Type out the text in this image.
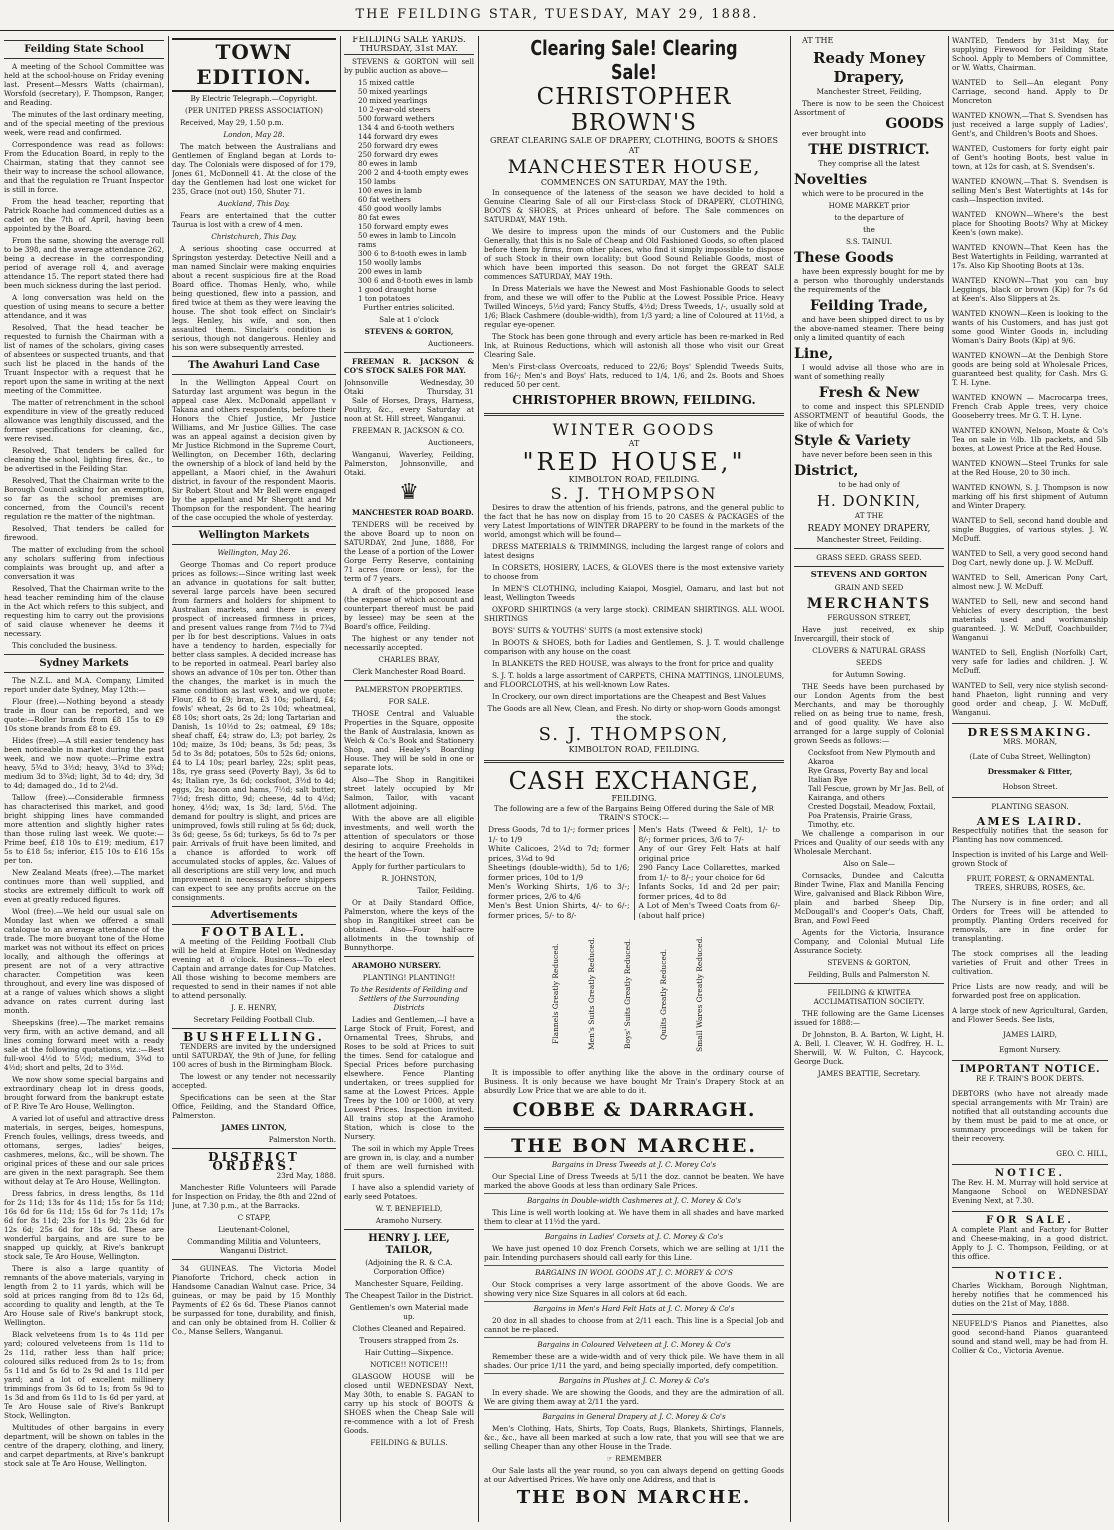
THE FEILDING STAR, TUESDAY, MAY 29, 1888.
Feilding State School

A meeting of the School Committee was held at the school-house on Friday evening last. Present—Messrs Watts (chairman), Worsfold (secretary), F. Thompson, Ranger, and Reading.

The minutes of the last ordinary meeting, and of the special meeting of the previous week, were read and confirmed.

Correspondence was read as follows: From the Education Board, in reply to the Chairman, stating that they cannot see their way to increase the school allowance, and that the regulation re Truant Inspector is still in force.

From the head teacher, reporting that Patrick Roache had commenced duties as a cadet on the 7th of April, having been appointed by the Board.

From the same, showing the average roll to be 398, and the average attendance 262, being a decrease in the corresponding period of average roll 4, and average attendance 15. The report stated there had been much sickness during the last period.

A long conversation was held on the question of using means to secure a better attendance, and it was

Resolved, That the head teacher be requested to furnish the Chairman with a list of names of the scholars, giving cases of absentees or suspected truants, and that such list be placed in the hands of the Truant Inspector with a request that he report upon the same in writing at the next meeting of the Committee.

The matter of retrenchment in the school expenditure in view of the greatly reduced allowance was lengthily discussed, and the former specifications for cleaning, &c., were revised.

Resolved, That tenders be called for cleaning the school, lighting fires, &c., to be advertised in the Feilding Star.

Resolved, That the Chairman write to the Borough Council asking for an exemption, so far as the school premises are concerned, from the Council's recent regulation re the matter of the nightman.

Resolved, That tenders be called for firewood.

The matter of excluding from the school any scholars suffering from infectious complaints was brought up, and after a conversation it was

Resolved, That the Chairman write to the head teacher reminding him of the clause in the Act which refers to this subject, and requesting him to carry out the provisions of said clause whenever he deems it necessary.

This concluded the business.

Sydney Markets

The N.Z.L. and M.A. Company, Limited report under date Sydney, May 12th:—

Flour (free).—Nothing beyond a steady trade in flour can be reported, and we quote:—Roller brands from £8 15s to £9 10s stone brands from £8 to £9.

Hides (free).—A still easier tendency has been noticeable in market during the past week, and we now quote:—Prime extra heavy, 5¾d to 3½d; heavy, 3¼d to 3¾d; medium 3d to 3¾d; light, 3d to 4d; dry, 3d to 4d; damaged do., 1d to 2¼d.

Tallow (free).—Considerable firmness has characterised this market, and good bright shipping lines have commanded more attention and slightly higher rates than those ruling last week. We quote:—Prime beef, £18 10s to £19; medium, £17 5s to £18 5s; inferior, £15 10s to £16 15s per ton.

New Zealand Meats (free).—The market continues more than well supplied, and stocks are extremely difficult to work off even at greatly reduced figures.

Wool (free).—We held our usual sale on Monday last when we offered a small catalogue to an average attendance of the trade. The more buoyant tone of the Home market was not without its effect on prices locally, and although the offerings at present are not of a very attractive character. Competition was keen throughout, and every line was disposed of at a range of values which shows a slight advance on rates current during last month.

Sheepskins (free).—The market remains very firm, with an active demand, and all lines coming forward meet with a ready sale at the following quotations, viz.:—Best full-wool 4½d to 5½d; medium, 3¾d to 4½d; short and pelts, 2d to 3½d.

We now show some special bargains and extraordinary cheap lot in dress goods, brought forward from the bankrupt estate of P. Rive Te Aro House, Wellington.

A varied lot of useful and attractive dress materials, in serges, beiges, homespuns, French foules, vellings, dress tweeds, and ottomans, serges, ladies' beiges, cashmeres, melons, &c., will be shown. The original prices of these and our sale prices are given in the next paragraph. See them without delay at Te Aro House, Wellington.

Dress fabrics, in dress lengths, 8s 11d for 2s 11d; 13s for 4s 11d; 15s for 5s 11d; 16s 6d for 6s 11d; 15s 6d for 7s 11d; 17s 6d for 8s 11d; 23s for 11s 9d; 23s 6d for 12s 6d; 25s 6d for 18s 6d. These are wonderful bargains, and are sure to be snapped up quickly, at Rive's bankrupt stock sale, Te Aro House, Wellington.

There is also a large quantity of remnants of the above materials, varying in length from 2 to 11 yards, which will be sold at prices ranging from 8d to 12s 6d, according to quality and length, at the Te Aro House sale of Rive's bankrupt stock, Wellington.

Black velveteens from 1s to 4s 11d per yard; coloured velveteens from 1s 11d to 2s 11d, rather less than half price; coloured silks reduced from 2s to 1s; from 5s 11d and 5s 6d to 2s 9d and 1s 11d per yard; and a lot of excellent millinery trimmings from 3s 6d to 1s; from 5s 9d to 1s 3d and from 6s 11d to 1s 6d per yard, at Te Aro House sale of Rive's Bankrupt Stock, Wellington.

Multitudes of other bargains in every department, will be shown on tables in the centre of the drapery, clothing, and linery, and carpet departments, at Rive's bankrupt stock sale at Te Aro House, Wellington.

TOWN EDITION.

By Electric Telegraph.—Copyright.

(PER UNITED PRESS ASSOCIATION)

Received, May 29, 1.50 p.m.

London, May 28.

The match between the Australians and Gentlemen of England began at Lords to-day. The Colonials were disposed of for 179, Jones 61, McDonnell 41. At the close of the day the Gentlemen had lost one wicket for 235, Grace (not out) 150, Shuter 71.

Auckland, This Day.

Fears are entertained that the cutter Taurua is lost with a crew of 4 men.

Christchurch, This Day.

A serious shooting case occurred at Springston yesterday. Detective Neill and a man named Sinclair were making enquiries about a recent suspicious fire at the Road Board office. Thomas Henly, who, while being questioned, flew into a passion, and fired twice at them as they were leaving the house. The shot took effect on Sinclair's legs. Henley, his wife, and son, then assaulted them. Sinclair's condition is serious, though not dangerous. Henley and his son were subsequently arrested.

The Awahuri Land Case

In the Wellington Appeal Court on Saturday last argument was begun in the appeal case Alex. McDonald appellant v Takana and others respondents, before their Honors the Chief Justice, Mr Justice Williams, and Mr Justice Gillies. The case was an appeal against a decision given by Mr Justice Richmond in the Supreme Court, Wellington, on December 16th, declaring the ownership of a block of land held by the appellant, a Maori chief, in the Awahuri district, in favour of the respondent Maoris. Sir Robert Stout and Mr Bell were engaged by the appellant and Mr Shergott and Mr Thompson for the respondent. The hearing of the case occupied the whole of yesterday.

Wellington Markets

Wellington, May 26.

George Thomas and Co report produce prices as follows:—Since writing last week an advance in quotations for salt butter, several large parcels have been secured from farmers and holders for shipment to Australian markets, and there is every prospect of increased firmness in prices, and present values range from 7½d to 7¾d per lb for best descriptions. Values in oats have a tendency to harden, especially for better class samples. A decided increase has to be reported in oatmeal. Pearl barley also shows an advance of 10s per ton. Other than the changes, the market is in much the same condition as last week, and we quote: Flour, £8 to £9; bran, £3 10s; pollard, £4; fowls' wheat, 2s 6d to 2s 10d; wheatmeal, £8 10s; short oats, 2s 2d; long Tartarian and Danish, 1s 10½d to 2s; oatmeal, £9 18s; sheaf chaff, £4; straw do, L3; pot barley, 2s 10d; maize, 3s 10d; beans, 3s 5d; peas, 3s 5d to 3s 8d; potatoes, 50s to 52s 6d; onions, £4 to L4 10s; pearl barley, 22s; split peas, 18s, rye grass seed (Poverty Bay), 3s 6d to 4s; Italian rye, 3s 6d; cocksfoot, 3½d to 4d; eggs, 2s; bacon and hams, 7½d; salt butter, 7½d; fresh ditto, 9d; cheese, 4d to 4½d; honey, 4½d; wax, 1s 3d; lard, 5½d. The demand for poultry is slight, and prices are unimproved, fowls still ruling at 5s 6d; duck, 3s 6d; geese, 5s 6d; turkeys, 5s 6d to 7s per pair. Arrivals of fruit have been limited, and a chance is afforded to work off accumulated stocks of apples, &c. Values of all descriptions are still very low, and much improvement in necessary before shippers can expect to see any profits accrue on the consignments.

Advertisements
FOOTBALL.

A meeting of the Feilding Football Club will be held at Empire Hotel on Wednesday evening at 8 o'clock. Business—To elect Captain and arrange dates for Cup Matches. All those wishing to become members are requested to send in their names if not able to attend personally.

J. E. HENRY,

Secretary Feilding Football Club.

BUSHFELLING.

TENDERS are invited by the undersigned until SATURDAY, the 9th of June, for felling 100 acres of bush in the Birmingham Block.

The lowest or any tender not necessarily accepted.

Specifications can be seen at the Star Office, Feilding, and the Standard Office, Palmerston.

JAMES LINTON,

Palmerston North.

DISTRICT ORDERS.

23rd May, 1888.

Manchester Rifle Volunteers will Parade for Inspection on Friday, the 8th and 22nd of June, at 7.30 p.m., at the Barracks.

C STAPP,

Lieutenant-Colonel,

Commanding Militia and Volunteers, Wanganui District.

34 GUINEAS. The Victoria Model Pianoforte Trichord, check action in Handsome Canadian Walnut case. Price, 34 guineas, or may be paid by 15 Monthly Payments of £2 6s 6d. These Pianos cannot be surpassed for tone, durability, and finish, and can only be obtained from H. Collier & Co., Manse Sellers, Wanganui.

FEILDING SALE YARDS.
THURSDAY, 31st MAY.

STEVENS & GORTON will sell by public auction as above—

15 mixed cattle
50 mixed yearlings
20 mixed yearlings
10 2-year-old steers
500 forward wethers
134 4 and 6-tooth wethers
144 forward dry ewes
250 forward dry ewes
250 forward dry ewes
80 ewes in lamb
200 2 and 4-tooth empty ewes
150 lambs
100 ewes in lamb
60 fat wethers
450 good woolly lambs
80 fat ewes
150 forward empty ewes
50 ewes in lamb to Lincoln rams
300 6 to 8-tooth ewes in lamb
150 woolly lambs
200 ewes in lamb
300 6 and 8-tooth ewes in lamb
1 good draught horse
1 ton potatoes

Further entries solicited.

Sale at 1 o'clock

STEVENS & GORTON,

Auctioneers.

FREEMAN R. JACKSON & CO'S STOCK SALES FOR MAY.

Johnsonville	Wednesday, 30
Otaki	Thursday, 31

Sale of Horses, Drays, Harness, Poultry, &c., every Saturday at noon at St. Hill street, Wanganui.

FREEMAN R. JACKSON & CO.

Auctioneers,

Wanganui, Waverley, Feilding, Palmerston, Johnsonville, and Otaki.

♛

MANCHESTER ROAD BOARD.

TENDERS will be received by the above Board up to noon on SATURDAY, 2nd June, 1888, For the Lease of a portion of the Lower Gorge Ferry Reserve, containing 71 acres (more or less), for the term of 7 years.

A draft of the proposed lease (the expense of which account and counterpart thereof must be paid by lessee) may be seen at the Board's office, Feilding.

The highest or any tender not necessarily accepted.

CHARLES BRAY,

Clerk Manchester Road Board.

PALMERSTON PROPERTIES.

FOR SALE.

THOSE Central and Valuable Properties in the Square, opposite the Bank of Australasia, known as Welch & Co.'s Book and Stationery Shop, and Healey's Boarding House. They will be sold in one or separate lots.

Also—The Shop in Rangitikei street lately occupied by Mr Salmon, Tailor, with vacant allotment adjoining.

With the above are all eligible investments, and well worth the attention of speculators or those desiring to acquire Freeholds in the heart of the Town.

Apply for further particulars to

R. JOHNSTON,

Tailor, Feilding.

Or at Daily Standard Office, Palmerston, where the keys of the shop in Rangitikei street can be obtained. Also—Four half-acre allotments in the township of Bunnythorpe.

ARAMOHO NURSERY.

PLANTING! PLANTING!!

To the Residents of Feilding and Settlers of the Surrounding Districts

Ladies and Gentlemen,—I have a Large Stock of Fruit, Forest, and Ornamental Trees, Shrubs, and Roses to be sold at Prices to suit the times. Send for catalogue and Special Prices before purchasing elsewhere. Fence Planting undertaken, or trees supplied for same at the Lowest Prices. Apple Trees by the 100 or 1000, at very Lowest Prices. Inspection invited. All trains stop at the Aramoho Station, which is close to the Nursery.

The soil in which my Apple Trees are grown in, is clay, and a number of them are well furnished with fruit spurs.

I have also a splendid variety of early seed Potatoes.

W. T. BENEFIELD,

Aramoho Nursery.

HENRY J. LEE,

TAILOR,

(Adjoining the R. & C.A. Corporation Office)

Manchester Square, Feilding.

The Cheapest Tailor in the District.

Gentlemen's own Material made up.

Clothes Cleaned and Repaired.

Trousers strapped from 2s.

Hair Cutting—Sixpence.

NOTICE!! NOTICE!!!

GLASGOW HOUSE will be closed until WEDNESDAY Next, May 30th, to enable S. FAGAN to carry up his stock of BOOTS & SHOES when the Cheap Sale will re-commence with a lot of Fresh Goods.

FEILDING & BULLS.

Clearing Sale! Clearing Sale!
CHRISTOPHER BROWN'S
GREAT CLEARING SALE OF DRAPERY, CLOTHING, BOOTS & SHOES
AT
MANCHESTER HOUSE,
COMMENCES ON SATURDAY, MAY the 19th.

In consequence of the lateness of the season we have decided to hold a Genuine Clearing Sale of all our First-class Stock of DRAPERY, CLOTHING, BOOTS & SHOES, at Prices unheard of before. The Sale commences on SATURDAY, MAY 19th.

We desire to impress upon the minds of our Customers and the Public Generally, that this is no Sale of Cheap and Old Fashioned Goods, so often placed before them by firms, from other places, who find it simply impossible to dispose of such Stock in their own locality; but Good Sound Reliable Goods, most of which have been imported this season. Do not forget the GREAT SALE commences SATURDAY, MAY 19th.

In Dress Materials we have the Newest and Most Fashionable Goods to select from, and these we will offer to the Public at the Lowest Possible Price. Heavy Twilled Winceys, 5½d yard; Fancy Stuffs, 4½d; Dress Tweeds, 1/-, usually sold at 1/6; Black Cashmere (double-width), from 1/3 yard; a line of Coloured at 11½d, a regular eye-opener.

The Stock has been gone through and every article has been re-marked in Red Ink, at Ruinous Reductions, which will astonish all those who visit our Great Clearing Sale.

Men's First-class Overcoats, reduced to 22/6; Boys' Splendid Tweeds Suits, from 16/-; Men's and Boys' Hats, reduced to 1/4, 1/6, and 2s. Boots and Shoes reduced 50 per cent.

CHRISTOPHER BROWN, FEILDING.
WINTER GOODS
AT
"RED HOUSE,"
KIMBOLTON ROAD, FEILDING.
S. J. THOMPSON

Desires to draw the attention of his friends, patrons, and the general public to the fact that he has now on display from 15 to 20 CASES & PACKAGES of the very Latest Importations of WINTER DRAPERY to be found in the markets of the world, amongst which will be found—

DRESS MATERIALS & TRIMMINGS, including the largest range of colors and latest designs

In CORSETS, HOSIERY, LACES, & GLOVES there is the most extensive variety to choose from

In MEN'S CLOTHING, including Kaiapoi, Mosgiel, Oamaru, and last but not least, Wellington Tweeds

OXFORD SHIRTINGS (a very large stock). CRIMEAN SHIRTINGS. ALL WOOL SHIRTINGS

BOYS' SUITS & YOUTHS' SUITS (a most extensive stock)

In BOOTS & SHOES, both for Ladies and Gentlemen, S. J. T. would challenge comparison with any house on the coast

In BLANKETS the RED HOUSE, was always to the front for price and quality

S. J. T. holds a large assortment of CARPETS, CHINA MATTINGS, LINOLEUMS, and FLOORCLOTHS, at his well-known Low Rates.

In Crockery, our own direct importations are the Cheapest and Best Values

The Goods are all New, Clean, and Fresh. No dirty or shop-worn Goods amongst the stock.

S. J. THOMPSON,
KIMBOLTON ROAD, FEILDING.
CASH EXCHANGE,
FEILDING.

The following are a few of the Bargains Being Offered during the Sale of MR TRAIN'S STOCK:—

Dress Goods, 7d to 1/-; former prices 1/- to 1/9
White Calicoes, 2¼d to 7d; former prices, 3¼d to 9d
Sheetings (double-width), 5d to 1/6; former prices, 10d to 1/9
Men's Working Shirts, 1/6 to 3/-; former prices, 2/6 to 4/6
Men's Best Union Shirts, 4/- to 6/-; former prices, 5/- to 8/-
Men's Hats (Tweed & Felt), 1/- to 8/-; former prices, 3/6 to 7/-
Any of our Grey Felt Hats at half original price
290 Fancy Lace Collarettes, marked from 1/- to 8/-; your choice for 6d
Infants Socks, 1d and 2d per pair; former prices, 4d to 8d
A Lot of Men's Tweed Coats from 6/- (about half price)
Flannels Greatly Reduced.	Men's Suits Greatly Reduced.	Boys' Suits Greatly Reduced.	Quilts Greatly Reduced.	Small Wares Greatly Reduced.

It is impossible to offer anything like the above in the ordinary course of Business. It is only because we have bought Mr Train's Drapery Stock at an absurdly Low Price that we are able to do it.

COBBE & DARRAGH.
THE BON MARCHE.

Bargains in Dress Tweeds at J. C. Morey Co's

Our Special Line of Dress Tweeds at 5/11 the doz. cannot be beaten. We have marked the above Goods at less than ordinary Sale Prices.

Bargains in Double-width Cashmeres at J. C. Morey & Co's

This Line is well worth looking at. We have them in all shades and have marked them to clear at 11½d the yard.

Bargains in Ladies' Corsets at J. C. Morey & Co's

We have just opened 10 doz French Corsets, which we are selling at 1/11 the pair. Intending purchasers should call early for this Line.

BARGAINS IN WOOL GOODS AT J. C. MOREY & CO'S

Our Stock comprises a very large assortment of the above Goods. We are showing very nice Size Squares in all colors at 6d each.

Bargains in Men's Hard Felt Hats at J. C. Morey & Co's

20 doz in all shades to choose from at 2/11 each. This line is a Special Job and cannot be re-placed.

Bargains in Coloured Velveteen at J. C. Morey & Co's

Remember these are a wide-width and of very thick pile. We have them in all shades. Our price 1/11 the yard, and being specially imported, defy competition.

Bargains in Plushes at J. C. Morey & Co's

In every shade. We are showing the Goods, and they are the admiration of all. We are giving them away at 2/11 the yard.

Bargains in General Drapery at J. C. Morey & Co's

Men's Clothing, Hats, Shirts, Top Coats, Rugs, Blankets, Shirtings, Flannels, &c., &c., have all been marked at such a low rate, that you will see that we are selling Cheaper than any other House in the Trade.

☞ REMEMBER

Our Sale lasts all the year round, so you can always depend on getting Goods at our Advertised Prices. We have only one Address, and that is

THE BON MARCHE.

AT THE

Ready Money Drapery,

Manchester Street, Feilding,

There is now to be seen the Choicest Assortment of

GOODS

ever brought into

THE DISTRICT.

They comprise all the latest

Novelties

which were to be procured in the

HOME MARKET prior

to the departure of

the

S.S. TAINUI.

These Goods

have been expressly bought for me by a person who thoroughly understands the requirements of the

Feilding Trade,

and have been shipped direct to us by the above-named steamer. There being only a limited quantity of each

Line,

I would advise all those who are in want of something really

Fresh & New

to come and inspect this SPLENDID ASSORTMENT of beautiful Goods, the like of which for

Style & Variety

have never before been seen in this

District,

to be had only of

H. DONKIN,

AT THE

READY MONEY DRAPERY,

Manchester Street, Feilding.

GRASS SEED. GRASS SEED.

STEVENS AND GORTON

GRAIN AND SEED

MERCHANTS

FERGUSSON STREET,

Have just received, ex ship Invercargill, their stock of

CLOVERS & NATURAL GRASS

SEEDS

for Autumn Sowing.

THE Seeds have been purchased by our London Agents from the best Merchants, and may be thoroughly relied on as being true to name, fresh, and of good quality. We have also arranged for a large supply of Colonial grown Seeds as follows:—

Cocksfoot from New Plymouth and Akaroa
Rye Grass, Poverty Bay and local
Italian Rye
Tall Fescue, grown by Mr Jas. Bell, of Kairanga, and others
Crested Dogstail, Meadow, Foxtail, Poa Pratensis, Prairie Grass, Timothy, etc.

We challenge a comparison in our Prices and Quality of our seeds with any Wholesale Merchant.

Also on Sale—

Cornsacks, Dundee and Calcutta Binder Twine, Flax and Manilla Fencing Wire, galvanised and Black Ribbon Wire, plain and barbed Sheep Dip, McDougall's and Cooper's Oats, Chaff, Bran, and Fowl Feed

Agents for the Victoria, Insurance Company, and Colonial Mutual Life Assurance Society.

STEVENS & GORTON,

Feilding, Bulls and Palmerston N.

FEILDING & KIWITEA ACCLIMATISATION SOCIETY.

THE following are the Game Licenses issued for 1888:—

Dr Johnston, B. A. Barton, W. Light, H. A. Bell, I. Cleaver, W. H. Godfrey, H. L. Sherwill, W. W. Fulton, C. Haycock, George Duck.

JAMES BEATTIE, Secretary.

WANTED, Tenders by 31st May, for supplying Firewood for Feilding State School. Apply to Members of Committee, or W. Watts, Chairman.

WANTED to Sell—An elegant Pony Carriage, second hand. Apply to Dr Moncreton

WANTED KNOWN,—That S. Svendsen has just received a large supply of Ladies', Gent's, and Children's Boots and Shoes.

WANTED, Customers for forty eight pair of Gent's hooting Boots, best value in town, at 12s for cash, at S. Svendsen's.

WANTED KNOWN,—That S. Svendsen is selling Men's Best Watertights at 14s for cash—Inspection invited.

WANTED KNOWN—Where's the best place for Shooting Boots? Why at Mickey Keen's (own make).

WANTED KNOWN—That Keen has the Best Watertights in Feilding, warranted at 17s. Also Kip Shooting Boots at 13s.

WANTED KNOWN—That you can buy Leggings, black or brown (Kip) for 7s 6d at Keen's. Also Slippers at 2s.

WANTED KNOWN—Keen is looking to the wants of his Customers, and has just got some good Winter Goods in, including Woman's Dairy Boots (Kip) at 9/6.

WANTED KNOWN—At the Denbigh Store goods are being sold at Wholesale Prices, guaranteed best quality, for Cash. Mrs G. T. H. Lyne.

WANTED KNOWN — Macrocarpa trees, French Crab Apple trees, very choice Gooseberry trees. Mr G. T. H. Lyne.

WANTED KNOWN, Nelson, Moate & Co's Tea on sale in ½lb. 1lb packets, and 5lb boxes, at Lowest Price at the Red House.

WANTED KNOWN—Steel Trunks for sale at the Red House, 20 to 30 inch.

WANTED KNOWN, S. J. Thompson is now marking off his first shipment of Autumn and Winter Drapery.

WANTED to Sell, second hand double and single Buggies, of various styles. J. W. McDuff.

WANTED to Sell, a very good second hand Dog Cart, newly done up. J. W. McDuff.

WANTED to Sell, American Pony Cart, almost new. J. W. McDuff.

WANTED to Sell, new and second hand Vehicles of every description, the best materials used and workmanship guaranteed. J. W. McDuff, Coachbuilder, Wanganui

WANTED to Sell, English (Norfolk) Cart, very safe for ladies and children. J. W. McDuff.

WANTED to Sell, very nice stylish second-hand Phaeton, light running and very good order and cheap, J. W. McDuff, Wanganui.

DRESSMAKING.

MRS. MORAN,

(Late of Cuba Street, Wellington)

Dressmaker & Fitter,

Hobson Street.

PLANTING SEASON.

AMES LAIRD.

Respectfully notifies that the season for Planting has now commenced.

Inspection is invited of his Large and Well-grown Stock of

FRUIT, FOREST, & ORNAMENTAL TREES, SHRUBS, ROSES, &c.

The Nursery is in fine order; and all Orders for Trees will be attended to promptly. Planting Orders received for removals, are in fine order for transplanting.

The stock comprises all the leading varieties of Fruit and other Trees in cultivation.

Price Lists are now ready, and will be forwarded post free on application.

A large stock of new Agricultural, Garden, and Flower Seeds. See lists,

JAMES LAIRD,

Egmont Nursery.

IMPORTANT NOTICE.

RE F. TRAIN'S BOOK DEBTS.

DEBTORS (who have not already made special arrangements with Mr Train) are notified that all outstanding accounts due by them must be paid to me at once, or summary proceedings will be taken for their recovery.

GEO. C. HILL,

NOTICE.

The Rev. H. M. Murray will hold service at Mangaone School on WEDNESDAY Evening Next, at 7.30.

FOR SALE.

A complete Plant and Factory for Butter and Cheese-making, in a good district. Apply to J. C. Thompson, Feilding, or at this office.

NOTICE.

Charles Wickham, Borough Nightman, hereby notifies that he commenced his duties on the 21st of May, 1888.

NEUFELD'S Pianos and Pianettes, also good second-hand Pianos guaranteed sound and stand well, may be had from H. Collier & Co., Victoria Avenue.
